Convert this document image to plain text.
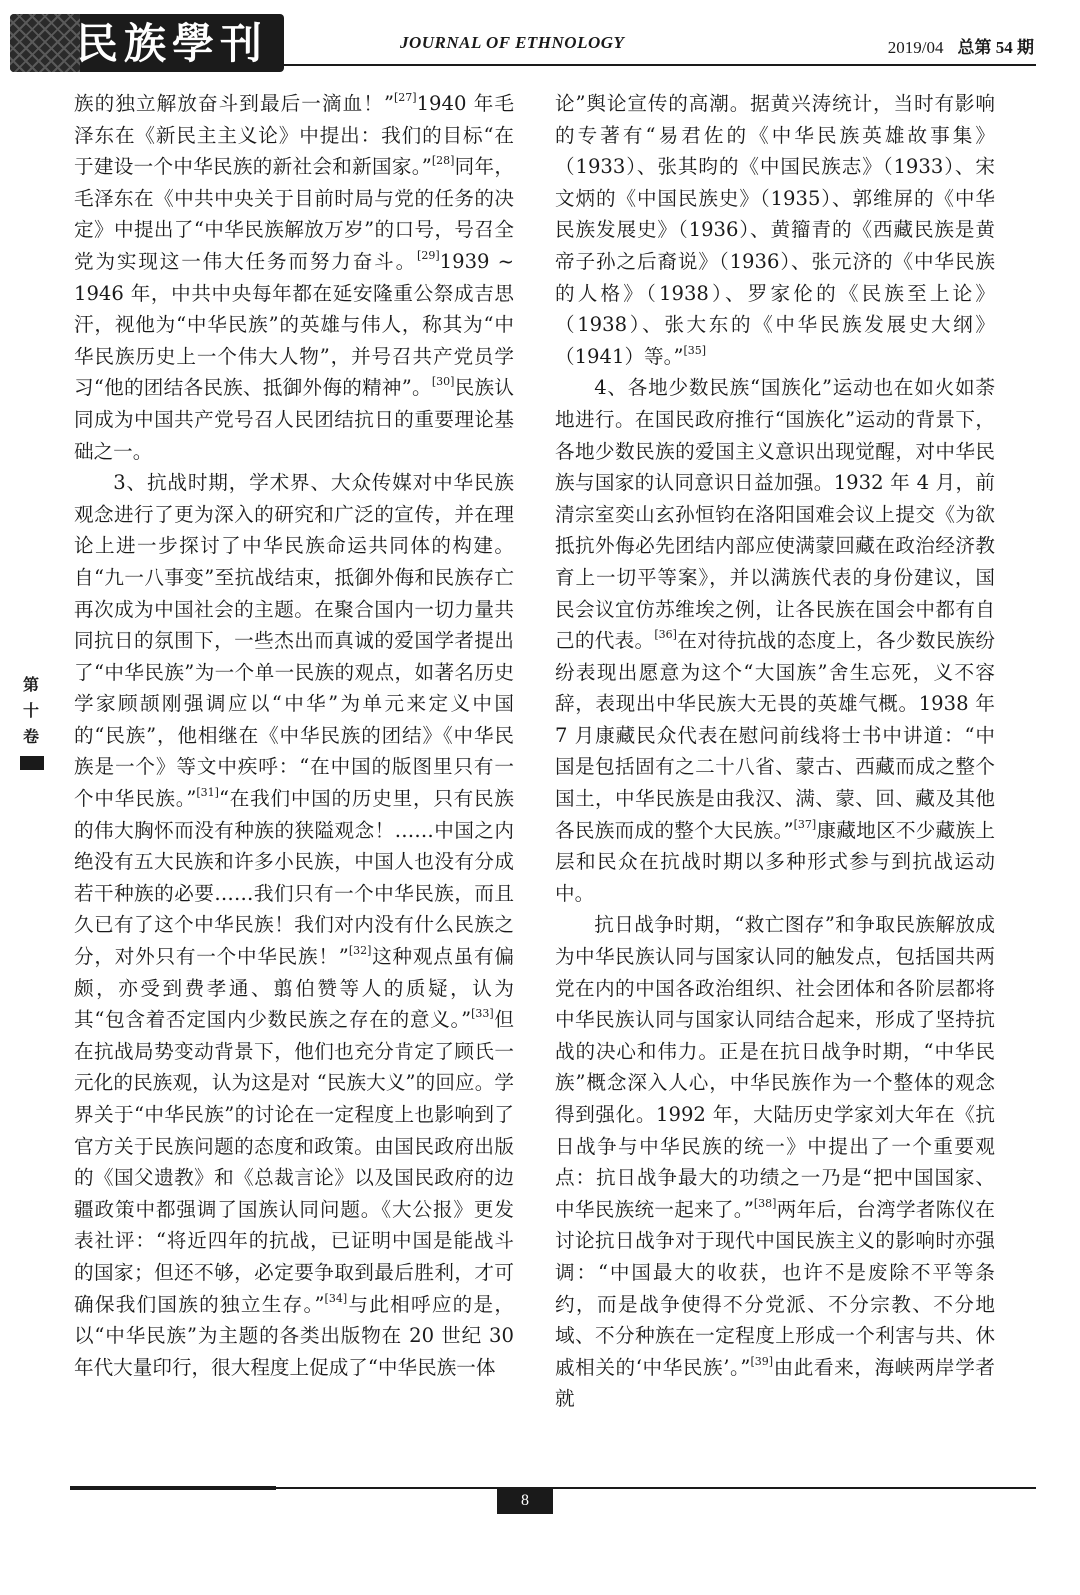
民族學刊	JOURNAL OF ETHNOLOGY	2019/04 总第 54 期
第
十
卷

族的独立解放奋斗到最后一滴血！”[27]1940 年毛泽东在《新民主主义论》中提出：我们的目标“在于建设一个中华民族的新社会和新国家。”[28]同年，毛泽东在《中共中央关于目前时局与党的任务的决定》中提出了“中华民族解放万岁”的口号，号召全党为实现这一伟大任务而努力奋斗。[29]1939 ~ 1946 年，中共中央每年都在延安隆重公祭成吉思汗，视他为“中华民族”的英雄与伟人，称其为“中华民族历史上一个伟大人物”，并号召共产党员学习“他的团结各民族、抵御外侮的精神”。[30]民族认同成为中国共产党号召人民团结抗日的重要理论基础之一。

3、抗战时期，学术界、大众传媒对中华民族观念进行了更为深入的研究和广泛的宣传，并在理论上进一步探讨了中华民族命运共同体的构建。自“九一八事变”至抗战结束，抵御外侮和民族存亡再次成为中国社会的主题。在聚合国内一切力量共同抗日的氛围下，一些杰出而真诚的爱国学者提出了“中华民族”为一个单一民族的观点，如著名历史学家顾颉刚强调应以“中华”为单元来定义中国的“民族”，他相继在《中华民族的团结》《中华民族是一个》等文中疾呼：“在中国的版图里只有一个中华民族。”[31]“在我们中国的历史里，只有民族的伟大胸怀而没有种族的狭隘观念！……中国之内绝没有五大民族和许多小民族，中国人也没有分成若干种族的必要……我们只有一个中华民族，而且久已有了这个中华民族！我们对内没有什么民族之分，对外只有一个中华民族！”[32]这种观点虽有偏颇，亦受到费孝通、翦伯赞等人的质疑，认为其“包含着否定国内少数民族之存在的意义。”[33]但在抗战局势变动背景下，他们也充分肯定了顾氏一元化的民族观，认为这是对 “民族大义”的回应。学界关于“中华民族”的讨论在一定程度上也影响到了官方关于民族问题的态度和政策。由国民政府出版的《国父遗教》和《总裁言论》以及国民政府的边疆政策中都强调了国族认同问题。《大公报》更发表社评：“将近四年的抗战，已证明中国是能战斗的国家；但还不够，必定要争取到最后胜利，才可确保我们国族的独立生存。”[34]与此相呼应的是，以“中华民族”为主题的各类出版物在 20 世纪 30 年代大量印行，很大程度上促成了“中华民族一体

论”舆论宣传的高潮。据黄兴涛统计，当时有影响的专著有“易君佐的《中华民族英雄故事集》（1933）、张其昀的《中国民族志》（1933）、宋文炳的《中国民族史》（1935）、郭维屏的《中华民族发展史》（1936）、黄籀青的《西藏民族是黄帝子孙之后裔说》（1936）、张元济的《中华民族的人格》（1938）、罗家伦的《民族至上论》（1938）、张大东的《中华民族发展史大纲》（1941）等。”[35]

4、各地少数民族“国族化”运动也在如火如荼地进行。在国民政府推行“国族化”运动的背景下，各地少数民族的爱国主义意识出现觉醒，对中华民族与国家的认同意识日益加强。1932 年 4 月，前清宗室奕山玄孙恒钧在洛阳国难会议上提交《为欲抵抗外侮必先团结内部应使满蒙回藏在政治经济教育上一切平等案》，并以满族代表的身份建议，国民会议宜仿苏维埃之例，让各民族在国会中都有自己的代表。[36]在对待抗战的态度上，各少数民族纷纷表现出愿意为这个“大国族”舍生忘死，义不容辞，表现出中华民族大无畏的英雄气概。1938 年 7 月康藏民众代表在慰问前线将士书中讲道：“中国是包括固有之二十八省、蒙古、西藏而成之整个国土，中华民族是由我汉、满、蒙、回、藏及其他各民族而成的整个大民族。”[37]康藏地区不少藏族上层和民众在抗战时期以多种形式参与到抗战运动中。

抗日战争时期，“救亡图存”和争取民族解放成为中华民族认同与国家认同的触发点，包括国共两党在内的中国各政治组织、社会团体和各阶层都将中华民族认同与国家认同结合起来，形成了坚持抗战的决心和伟力。正是在抗日战争时期，“中华民族”概念深入人心，中华民族作为一个整体的观念得到强化。1992 年，大陆历史学家刘大年在《抗日战争与中华民族的统一》中提出了一个重要观点：抗日战争最大的功绩之一乃是“把中国国家、中华民族统一起来了。”[38]两年后，台湾学者陈仪在讨论抗日战争对于现代中国民族主义的影响时亦强调：“中国最大的收获，也许不是废除不平等条约，而是战争使得不分党派、不分宗教、不分地域、不分种族在一定程度上形成一个利害与共、休戚相关的‘中华民族’。”[39]由此看来，海峡两岸学者就

8
